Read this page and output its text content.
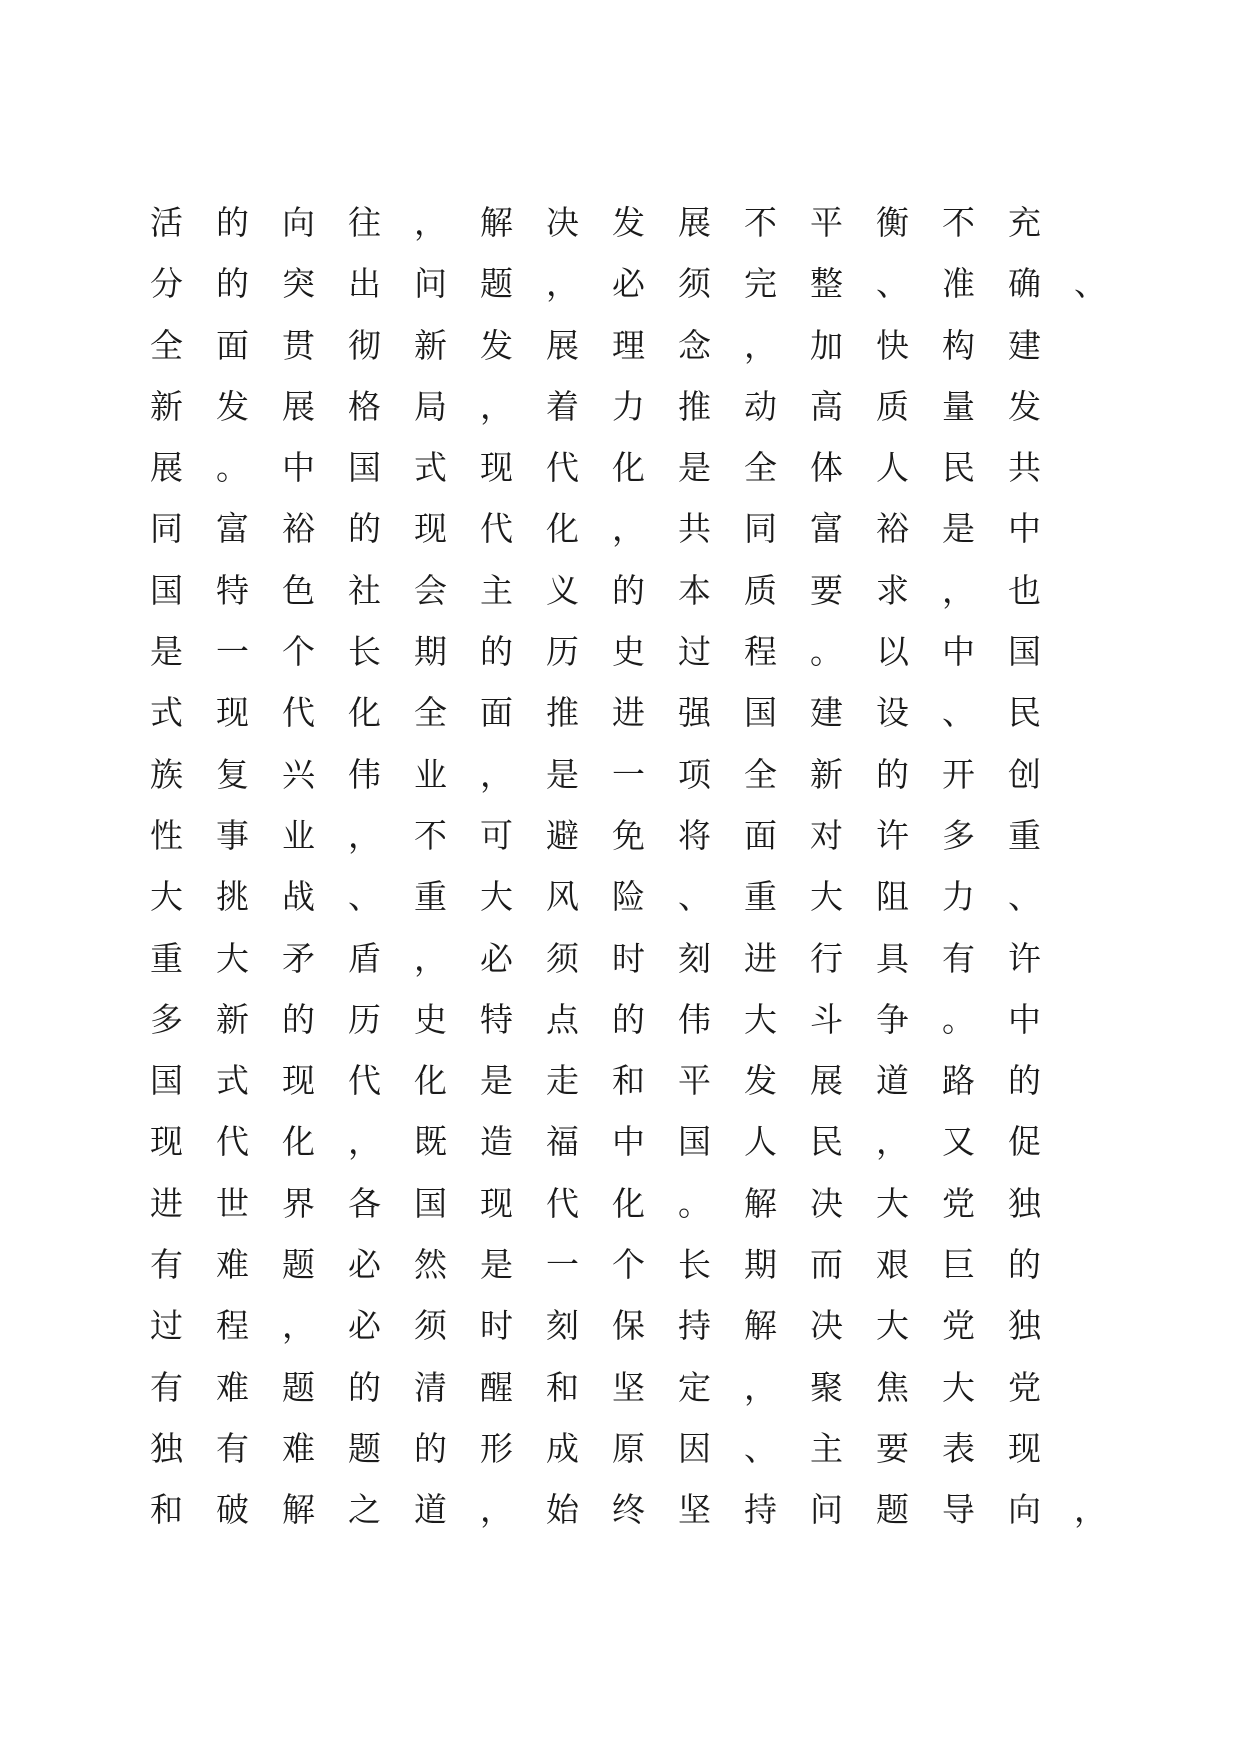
活的向往，解决发展不平衡不充

分的突出问题，必须完整、准确、

全面贯彻新发展理念，加快构建

新发展格局，着力推动高质量发

展。中国式现代化是全体人民共

同富裕的现代化，共同富裕是中

国特色社会主义的本质要求，也

是一个长期的历史过程。以中国

式现代化全面推进强国建设、民

族复兴伟业，是一项全新的开创

性事业，不可避免将面对许多重

大挑战、重大风险、重大阻力、

重大矛盾，必须时刻进行具有许

多新的历史特点的伟大斗争。中

国式现代化是走和平发展道路的

现代化，既造福中国人民，又促

进世界各国现代化。解决大党独

有难题必然是一个长期而艰巨的

过程，必须时刻保持解决大党独

有难题的清醒和坚定，聚焦大党

独有难题的形成原因、主要表现

和破解之道，始终坚持问题导向，
